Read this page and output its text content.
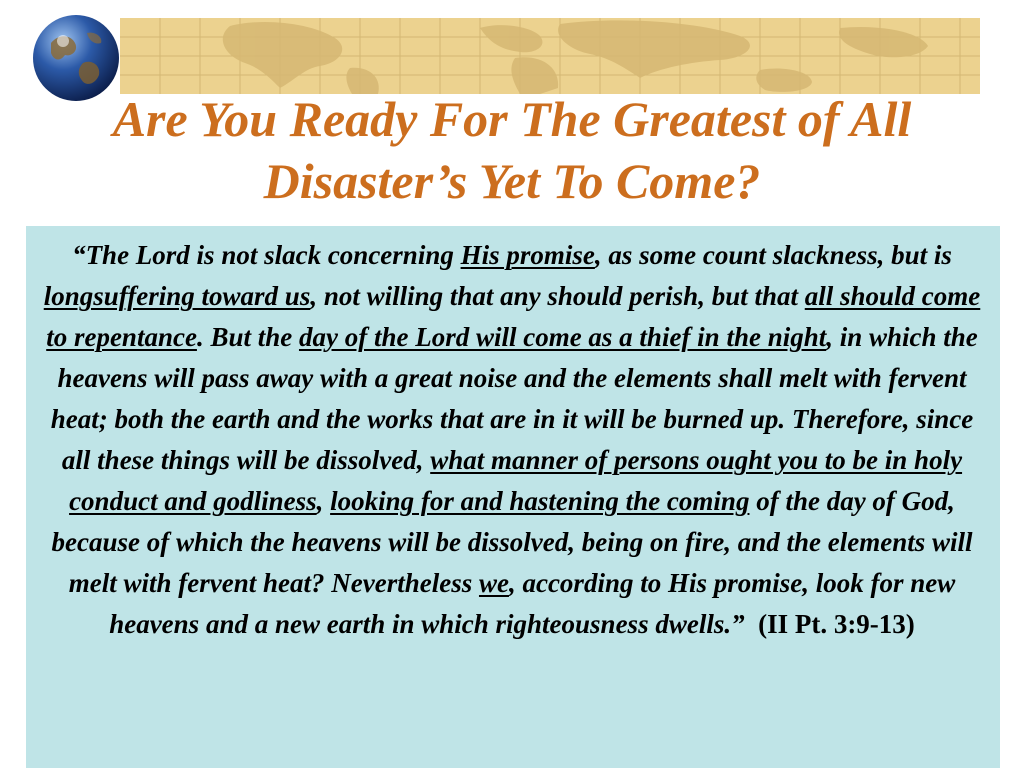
Are You Ready For The Greatest of All
Disaster’s Yet To Come?

“The Lord is not slack concerning His promise, as some count slackness, but is longsuffering toward us, not willing that any should perish, but that all should come to repentance. But the day of the Lord will come as a thief in the night, in which the heavens will pass away with a great noise and the elements shall melt with fervent heat; both the earth and the works that are in it will be burned up. Therefore, since all these things will be dissolved, what manner of persons ought you to be in holy conduct and godliness, looking for and hastening the coming of the day of God, because of which the heavens will be dissolved, being on fire, and the elements will melt with fervent heat? Nevertheless we, according to His promise, look for new heavens and a new earth in which righteousness dwells.” (II Pt. 3:9-13)
